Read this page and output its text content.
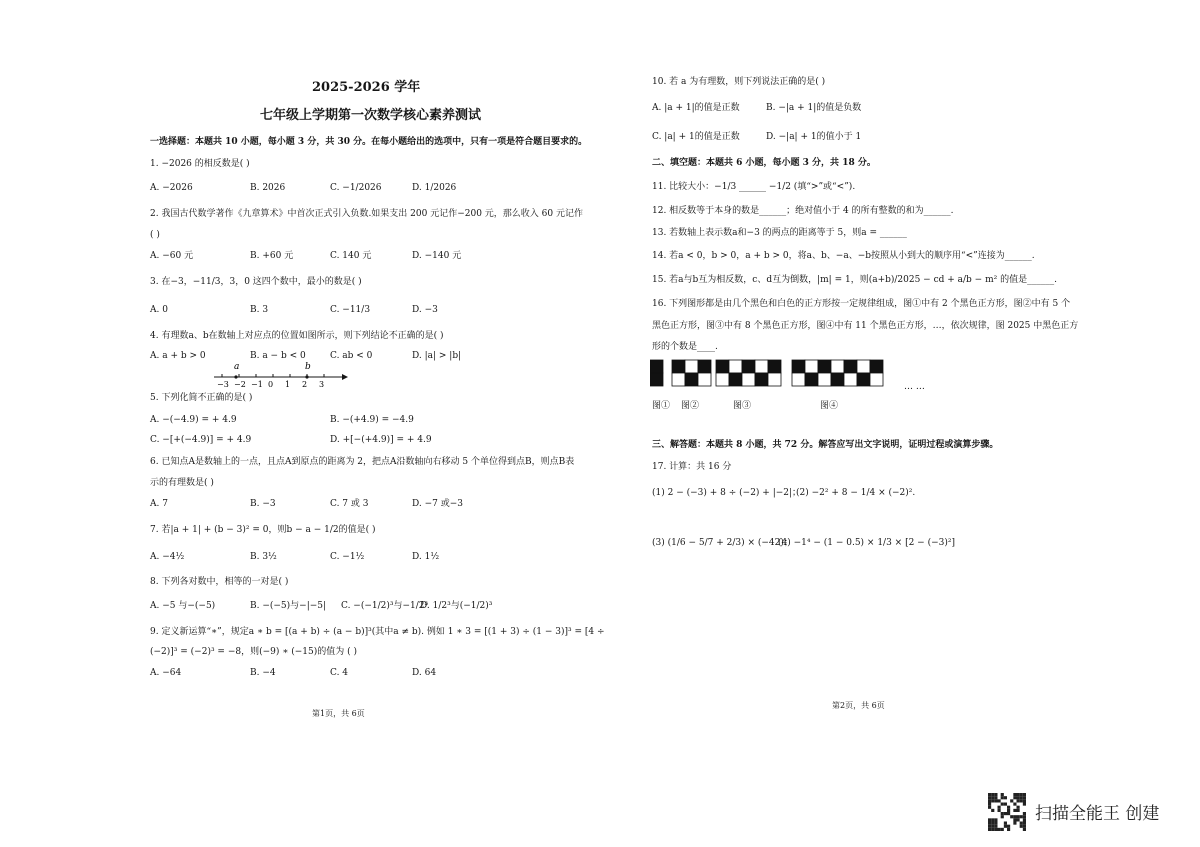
2025-2026 学年
七年级上学期第一次数学核心素养测试
一选择题：本题共 10 小题，每小题 3 分，共 30 分。在每小题给出的选项中，只有一项是符合题目要求的。
1. −2026 的相反数是( )
A. −2026	B. 2026	C. −1/2026	D. 1/2026
2. 我国古代数学著作《九章算术》中首次正式引入负数.如果支出 200 元记作−200 元，那么收入 60 元记作
( )
A. −60 元	B. +60 元	C. 140 元	D. −140 元
3. 在−3，−11/3，3，0 这四个数中，最小的数是( )
A. 0	B. 3	C. −11/3	D. −3
4. 有理数a、b在数轴上对应点的位置如图所示，则下列结论不正确的是( )
A. a + b > 0	B. a − b < 0	C. ab < 0	D. |a| > |b|
−3 −2 −1 0 1 2 3
a	b
5. 下列化简不正确的是( )
A. −(−4.9) = + 4.9	B. −(+4.9) = −4.9
C. −[+(−4.9)] = + 4.9	D. +[−(+4.9)] = + 4.9
6. 已知点A是数轴上的一点，且点A到原点的距离为 2，把点A沿数轴向右移动 5 个单位得到点B，则点B表
示的有理数是( )
A. 7	B. −3	C. 7 或 3	D. −7 或−3
7. 若|a + 1| + (b − 3)² = 0，则b − a − 1/2的值是( )
A. −4½	B. 3½	C. −1½	D. 1½
8. 下列各对数中，相等的一对是( )
A. −5 与−(−5)	B. −(−5)与−|−5| C. −(−1/2)³与−1/2³
D. 1/2³与(−1/2)³
9. 定义新运算“∗”，规定a ∗ b = [(a + b) ÷ (a − b)]³(其中a ≠ b). 例如 1 ∗ 3 = [(1 + 3) ÷ (1 − 3)]³ = [4 ÷
(−2)]³ = (−2)³ = −8，则(−9) ∗ (−15)的值为 ( )
A. −64	B. −4	C. 4	D. 64
第1页，共 6页
10. 若 a 为有理数，则下列说法正确的是( )
A. |a + 1|的值是正数	B. −|a + 1|的值是负数
C. |a| + 1的值是正数	D. −|a| + 1的值小于 1
二、填空题：本题共 6 小题，每小题 3 分，共 18 分。
11. 比较大小：−1/3 ______ −1/2 (填“>”或“<”).
12. 相反数等于本身的数是______；绝对值小于 4 的所有整数的和为______.
13. 若数轴上表示数a和−3 的两点的距离等于 5，则a = ______
14. 若a < 0，b > 0，a + b > 0，将a、b、−a、−b按照从小到大的顺序用“<”连接为______.
15. 若a与b互为相反数，c、d互为倒数，|m| = 1，则(a+b)/2025 − cd + a/b − m² 的值是______.
16. 下列图形都是由几个黑色和白色的正方形按一定规律组成，图①中有 2 个黑色正方形，图②中有 5 个
黑色正方形，图③中有 8 个黑色正方形，图④中有 11 个黑色正方形，…，依次规律，图 2025 中黑色正方
形的个数是____.
… …
图① 图②	图③	图④
三、解答题：本题共 8 小题，共 72 分。解答应写出文字说明，证明过程或演算步骤。
17. 计算：共 16 分
(1) 2 − (−3) + 8 ÷ (−2) + |−2|；
(2) −2² + 8 − 1/4 × (−2)².
(3) (1/6 − 5/7 + 2/3) × (−42)；
(4) −1⁴ − (1 − 0.5) × 1/3 × [2 − (−3)²]
第2页，共 6页
扫描全能王 创建
